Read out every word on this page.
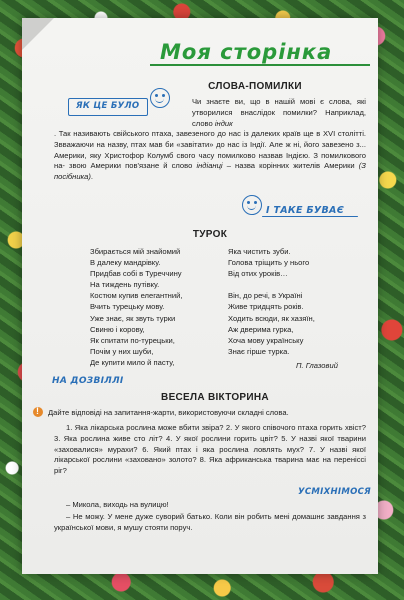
Моя сторінка
СЛОВА-ПОМИЛКИ
ЯК ЦЕ БУЛО	Чи знаєте ви, що в нашій мові є слова, які утворилися внаслідок помилки? Наприклад, слово індик
. Так називають свійського птаха, завезеного до нас із далеких країв ще в XVI столітті. Звважаючи на назву, птах мав би «завітати» до нас із Індії. Але ж ні, його завезено з... Америки, яку Христофор Колумб свого часу помилково назвав Індією. З помилкового на- звою Америки пов'язане й слово індіанці – назва корінних жителів Америки (З посібника).
І ТАКЕ БУВАЄ
ТУРОК
Збирається мій знайомий
В далеку мандрівку.
Придбав собі в Туреччину
На тиждень путівку.
Костюм купив елегантний,
Вчить турецьку мову.
Уже знає, як звуть турки
Свиню і корову,
Як спитати по-турецьки,
Почім у них шуби,
Де купити мило й пасту,
Яка чистить зуби.
Голова тріщить у нього
Від отих уроків…

Він, до речі, в Україні
Живе тридцять років.
Ходить всюди, як хазяїн,
Аж дверима гурка,
Хоча мову українську
Знає гірше турка.
П. Глазовий
НА ДОЗВІЛЛІ
ВЕСЕЛА ВІКТОРИНА
!
Дайте відповіді на запитання-жарти, використовуючи складні слова.
1. Яка лікарська рослина може вбити звіра? 2. У якого співочого птаха горить хвіст? 3. Яка рослина живе сто літ? 4. У якої рослини горить цвіт? 5. У назві якої тварини «заховалися» мурахи? 6. Який птах і яка рослина ловлять мух? 7. У назві якої лікарської рослини «заховано» золото? 8. Яка африканська тварина має на переніссі ріг?
УСМІХНІМОСЯ
– Микола, виходь на вулицю!
– Не можу. У мене дуже суворий батько. Коли він робить мені домашнє завдання з української мови, я мушу стояти поруч.
